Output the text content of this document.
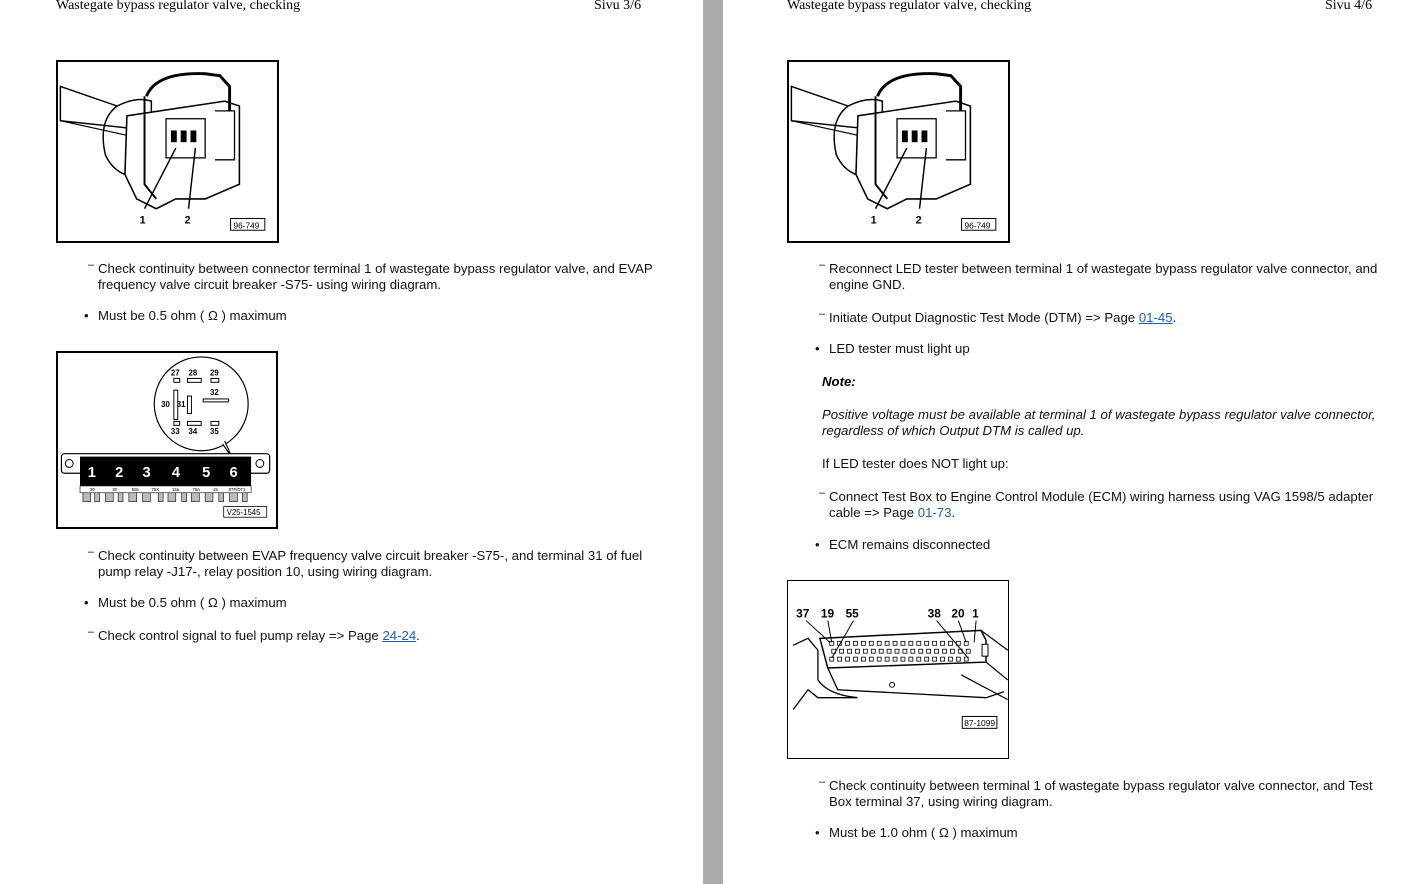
Wastegate bypass regulator valve, checking	Sivu 3/6
1	2	96-749
– Check continuity between connector terminal 1 of wastegate bypass regulator valve, and EVAP frequency valve circuit breaker -S75- using wiring diagram.
• Must be 0.5 ohm ( Ω ) maximum
27 28 29
30 31
32
33 34 35
1 2 3 4 5 6
30	30	58s	75X	15a	75a	15 87F/DT1
V25-1545
– Check continuity between EVAP frequency valve circuit breaker -S75-, and terminal 31 of fuel pump relay -J17-, relay position 10, using wiring diagram.
• Must be 0.5 ohm ( Ω ) maximum
– Check control signal to fuel pump relay => Page 24-24.
Wastegate bypass regulator valve, checking	Sivu 4/6
1	2	96-749
– Reconnect LED tester between terminal 1 of wastegate bypass regulator valve connector, and engine GND.
– Initiate Output Diagnostic Test Mode (DTM) => Page 01-45.
• LED tester must light up
Note:
Positive voltage must be available at terminal 1 of wastegate bypass regulator valve connector, regardless of which Output DTM is called up.
If LED tester does NOT light up:
– Connect Test Box to Engine Control Module (ECM) wiring harness using VAG 1598/5 adapter cable => Page 01-73.
• ECM remains disconnected
37 19 55	38 20 1
87-1099
– Check continuity between terminal 1 of wastegate bypass regulator valve connector, and Test Box terminal 37, using wiring diagram.
• Must be 1.0 ohm ( Ω ) maximum
